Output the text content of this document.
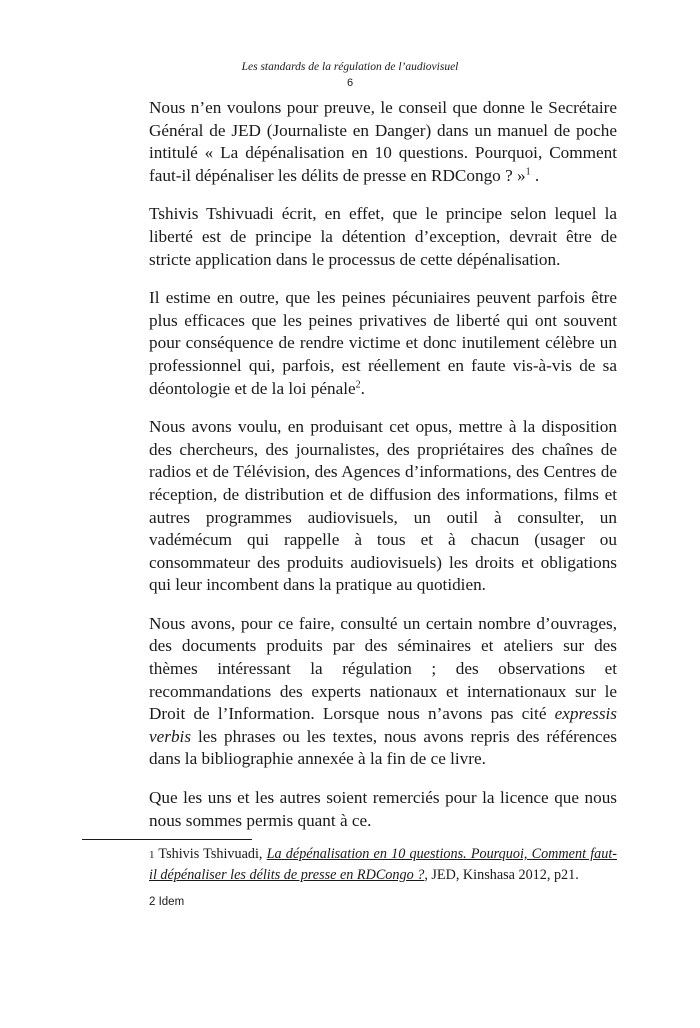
Les standards de la régulation de l’audiovisuel
6

Nous n’en voulons pour preuve, le conseil que donne le Secrétaire Général de JED (Journaliste en Danger) dans un manuel de poche intitulé « La dépénalisation en 10 questions. Pourquoi, Comment faut-il dépénaliser les délits de presse en RDCongo ? »$^1$ .

Tshivis Tshivuadi écrit, en effet, que le principe selon lequel la liberté est de principe la détention d’exception, devrait être de stricte application dans le processus de cette dépénalisation.

Il estime en outre, que les peines pécuniaires peuvent parfois être plus efficaces que les peines privatives de liberté qui ont souvent pour conséquence de rendre victime et donc inutilement célèbre un professionnel qui, parfois, est réellement en faute vis-à-vis de sa déontologie et de la loi pénale$^2$.

Nous avons voulu, en produisant cet opus, mettre à la disposition des chercheurs, des journalistes, des propriétaires des chaînes de radios et de Télévision, des Agences d’informations, des Centres de réception, de distribution et de diffusion des informations, films et autres programmes audiovisuels, un outil à consulter, un vadémécum qui rappelle à tous et à chacun (usager ou consommateur des produits audiovisuels) les droits et obligations qui leur incombent dans la pratique au quotidien.

Nous avons, pour ce faire, consulté un certain nombre d’ouvrages, des documents produits par des séminaires et ateliers sur des thèmes intéressant la régulation ; des observations et recommandations des experts nationaux et internationaux sur le Droit de l’Information. Lorsque nous n’avons pas cité expressis verbis les phrases ou les textes, nous avons repris des références dans la bibliographie annexée à la fin de ce livre.

Que les uns et les autres soient remerciés pour la licence que nous nous sommes permis quant à ce.

1 Tshivis Tshivuadi, La dépénalisation en 10 questions. Pourquoi, Comment faut-il dépénaliser les délits de presse en RDCongo ?, JED, Kinshasa 2012, p21.

2 Idem
